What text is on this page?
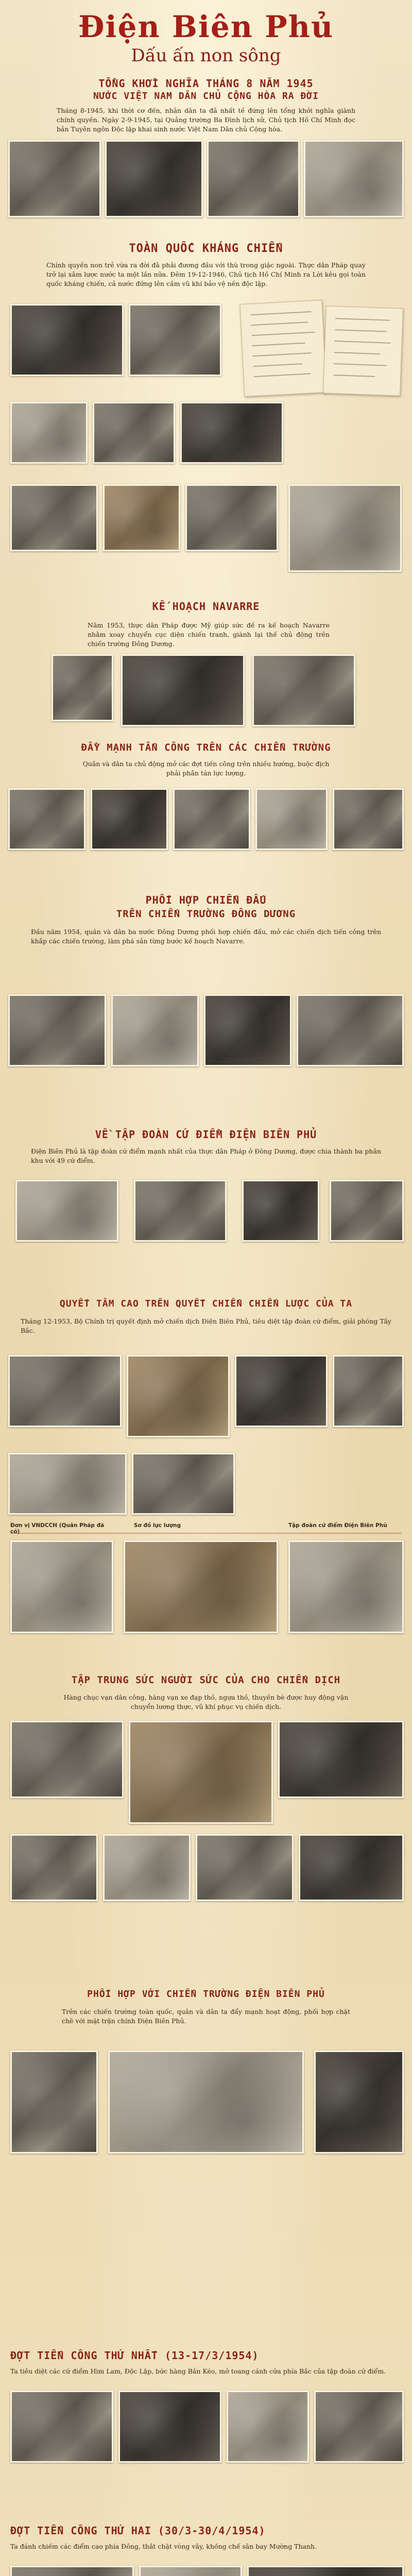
Điện Biên Phủ
Dấu ấn non sông
TỔNG KHỞI NGHĨA THÁNG 8 NĂM 1945
NƯỚC VIỆT NAM DÂN CHỦ CỘNG HÒA RA ĐỜI
Tháng 8-1945, khi thời cơ đến, nhân dân ta đã nhất tề đứng lên tổng khởi nghĩa giành chính quyền. Ngày 2-9-1945, tại Quảng trường Ba Đình lịch sử, Chủ tịch Hồ Chí Minh đọc bản Tuyên ngôn Độc lập khai sinh nước Việt Nam Dân chủ Cộng hòa.
TOÀN QUỐC KHÁNG CHIẾN
Chính quyền non trẻ vừa ra đời đã phải đương đầu với thù trong giặc ngoài. Thực dân Pháp quay trở lại xâm lược nước ta một lần nữa. Đêm 19-12-1946, Chủ tịch Hồ Chí Minh ra Lời kêu gọi toàn quốc kháng chiến, cả nước đứng lên cầm vũ khí bảo vệ nền độc lập.
KẾ HOẠCH NAVARRE
Năm 1953, thực dân Pháp được Mỹ giúp sức đề ra kế hoạch Navarre nhằm xoay chuyển cục diện chiến tranh, giành lại thế chủ động trên chiến trường Đông Dương.
ĐẨY MẠNH TẤN CÔNG TRÊN CÁC CHIẾN TRƯỜNG
Quân và dân ta chủ động mở các đợt tiến công trên nhiều hướng, buộc địch phải phân tán lực lượng.
PHỐI HỢP CHIẾN ĐẤU
TRÊN CHIẾN TRƯỜNG ĐÔNG DƯƠNG
Đầu năm 1954, quân và dân ba nước Đông Dương phối hợp chiến đấu, mở các chiến dịch tiến công trên khắp các chiến trường, làm phá sản từng bước kế hoạch Navarre.
VỀ TẬP ĐOÀN CỨ ĐIỂM ĐIỆN BIÊN PHỦ
Điện Biên Phủ là tập đoàn cứ điểm mạnh nhất của thực dân Pháp ở Đông Dương, được chia thành ba phân khu với 49 cứ điểm.
QUYẾT TÂM CAO TRÊN QUYẾT CHIẾN CHIẾN LƯỢC CỦA TA
Tháng 12-1953, Bộ Chính trị quyết định mở chiến dịch Điện Biên Phủ, tiêu diệt tập đoàn cứ điểm, giải phóng Tây Bắc.
Đơn vị VNDCCH (Quân Pháp đã có)
Sơ đồ lực lượng	Tập đoàn cứ điểm Điện Biên Phủ
TẬP TRUNG SỨC NGƯỜI SỨC CỦA CHO CHIẾN DỊCH
Hàng chục vạn dân công, hàng vạn xe đạp thồ, ngựa thồ, thuyền bè được huy động vận chuyển lương thực, vũ khí phục vụ chiến dịch.
PHỐI HỢP VỚI CHIẾN TRƯỜNG ĐIỆN BIÊN PHỦ
Trên các chiến trường toàn quốc, quân và dân ta đẩy mạnh hoạt động, phối hợp chặt chẽ với mặt trận chính Điện Biên Phủ.
ĐỢT TIẾN CÔNG THỨ NHẤT (13-17/3/1954)
Ta tiêu diệt các cứ điểm Him Lam, Độc Lập, bức hàng Bản Kéo, mở toang cánh cửa phía Bắc của tập đoàn cứ điểm.
ĐỢT TIẾN CÔNG THỨ HAI (30/3-30/4/1954)
Ta đánh chiếm các điểm cao phía Đông, thắt chặt vòng vây, khống chế sân bay Mường Thanh.
